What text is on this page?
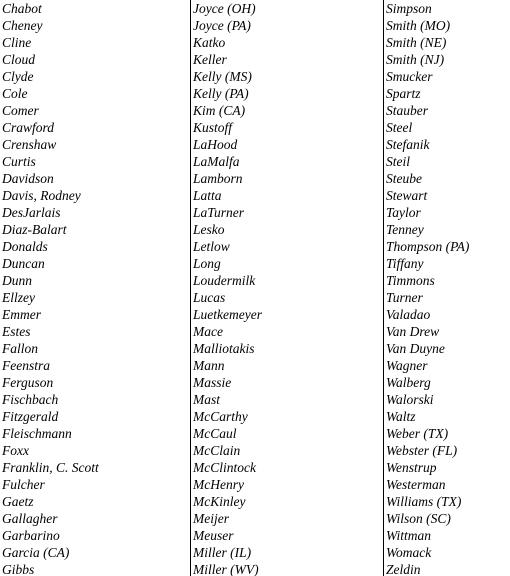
Chabot
Cheney
Cline
Cloud
Clyde
Cole
Comer
Crawford
Crenshaw
Curtis
Davidson
Davis, Rodney
DesJarlais
Diaz-Balart
Donalds
Duncan
Dunn
Ellzey
Emmer
Estes
Fallon
Feenstra
Ferguson
Fischbach
Fitzgerald
Fleischmann
Foxx
Franklin, C. Scott
Fulcher
Gaetz
Gallagher
Garbarino
Garcia (CA)
Gibbs
Joyce (OH)
Joyce (PA)
Katko
Keller
Kelly (MS)
Kelly (PA)
Kim (CA)
Kustoff
LaHood
LaMalfa
Lamborn
Latta
LaTurner
Lesko
Letlow
Long
Loudermilk
Lucas
Luetkemeyer
Mace
Malliotakis
Mann
Massie
Mast
McCarthy
McCaul
McClain
McClintock
McHenry
McKinley
Meijer
Meuser
Miller (IL)
Miller (WV)
Simpson
Smith (MO)
Smith (NE)
Smith (NJ)
Smucker
Spartz
Stauber
Steel
Stefanik
Steil
Steube
Stewart
Taylor
Tenney
Thompson (PA)
Tiffany
Timmons
Turner
Valadao
Van Drew
Van Duyne
Wagner
Walberg
Walorski
Waltz
Weber (TX)
Webster (FL)
Wenstrup
Westerman
Williams (TX)
Wilson (SC)
Wittman
Womack
Zeldin
